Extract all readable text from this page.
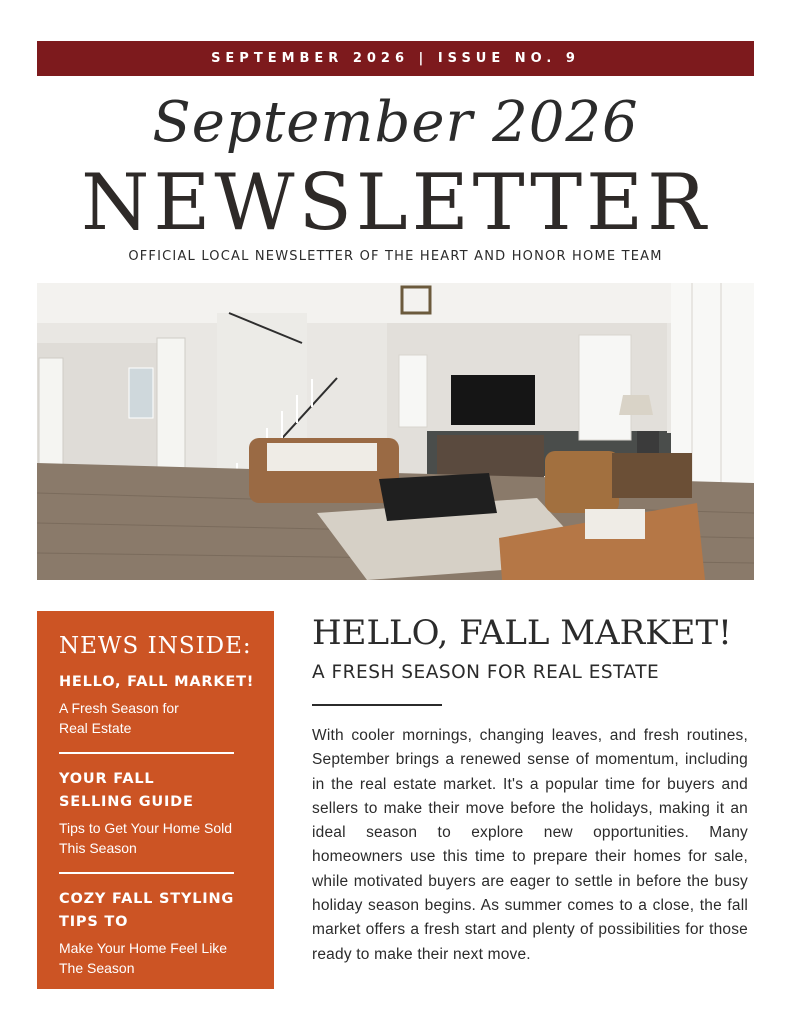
SEPTEMBER 2026 | ISSUE NO. 9
September 2026
NEWSLETTER
OFFICIAL LOCAL NEWSLETTER OF THE HEART AND HONOR HOME TEAM
NEWS INSIDE:
HELLO, FALL MARKET!
A Fresh Season for Real Estate
YOUR FALL SELLING GUIDE
Tips to Get Your Home Sold This Season
COZY FALL STYLING TIPS TO
Make Your Home Feel Like The Season
HELLO, FALL MARKET!
A FRESH SEASON FOR REAL ESTATE
With cooler mornings, changing leaves, and fresh routines, September brings a renewed sense of momentum, including in the real estate market. It's a popular time for buyers and sellers to make their move before the holidays, making it an ideal season to explore new opportunities. Many homeowners use this time to prepare their homes for sale, while motivated buyers are eager to settle in before the busy holiday season begins. As summer comes to a close, the fall market offers a fresh start and plenty of possibilities for those ready to make their next move.
